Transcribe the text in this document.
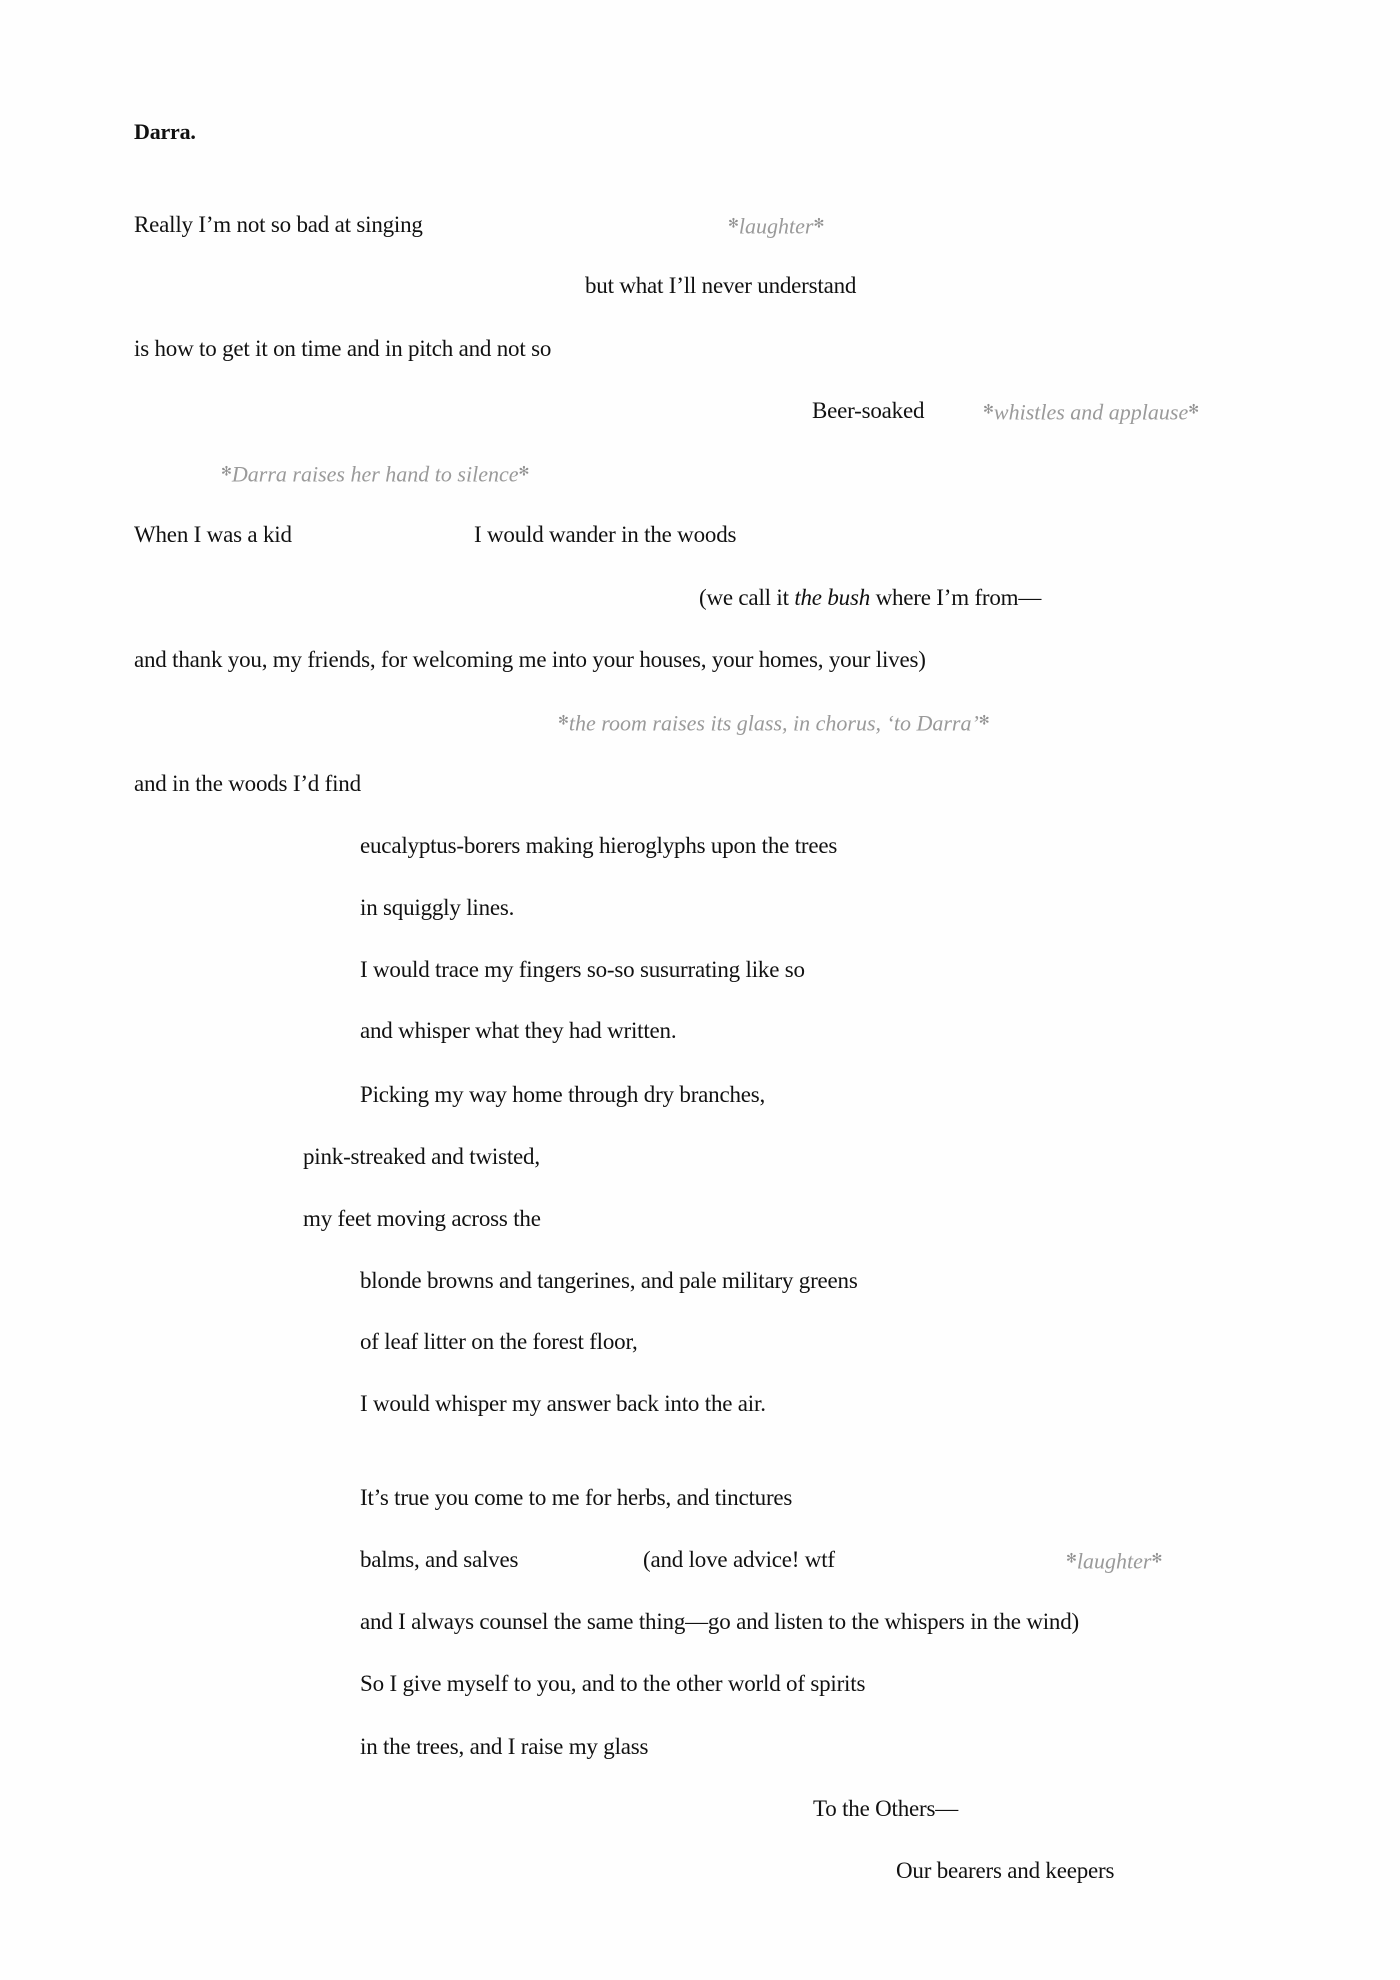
Darra.
Really I’m not so bad at singing	✻laughter✻
but what I’ll never understand
is how to get it on time and in pitch and not so
Beer-soaked	✻whistles and applause✻
✻Darra raises her hand to silence✻
When I was a kid	I would wander in the woods
(we call it the bush where I’m from—
and thank you, my friends, for welcoming me into your houses, your homes, your lives)
✻the room raises its glass, in chorus, ‘to Darra’✻
and in the woods I’d find
eucalyptus-borers making hieroglyphs upon the trees
in squiggly lines.
I would trace my fingers so-so susurrating like so
and whisper what they had written.
Picking my way home through dry branches,
pink-streaked and twisted,
my feet moving across the
blonde browns and tangerines, and pale military greens
of leaf litter on the forest floor,
I would whisper my answer back into the air.
It’s true you come to me for herbs, and tinctures
balms, and salves	(and love advice! wtf	✻laughter✻
and I always counsel the same thing—go and listen to the whispers in the wind)
So I give myself to you, and to the other world of spirits
in the trees, and I raise my glass
To the Others—
Our bearers and keepers
